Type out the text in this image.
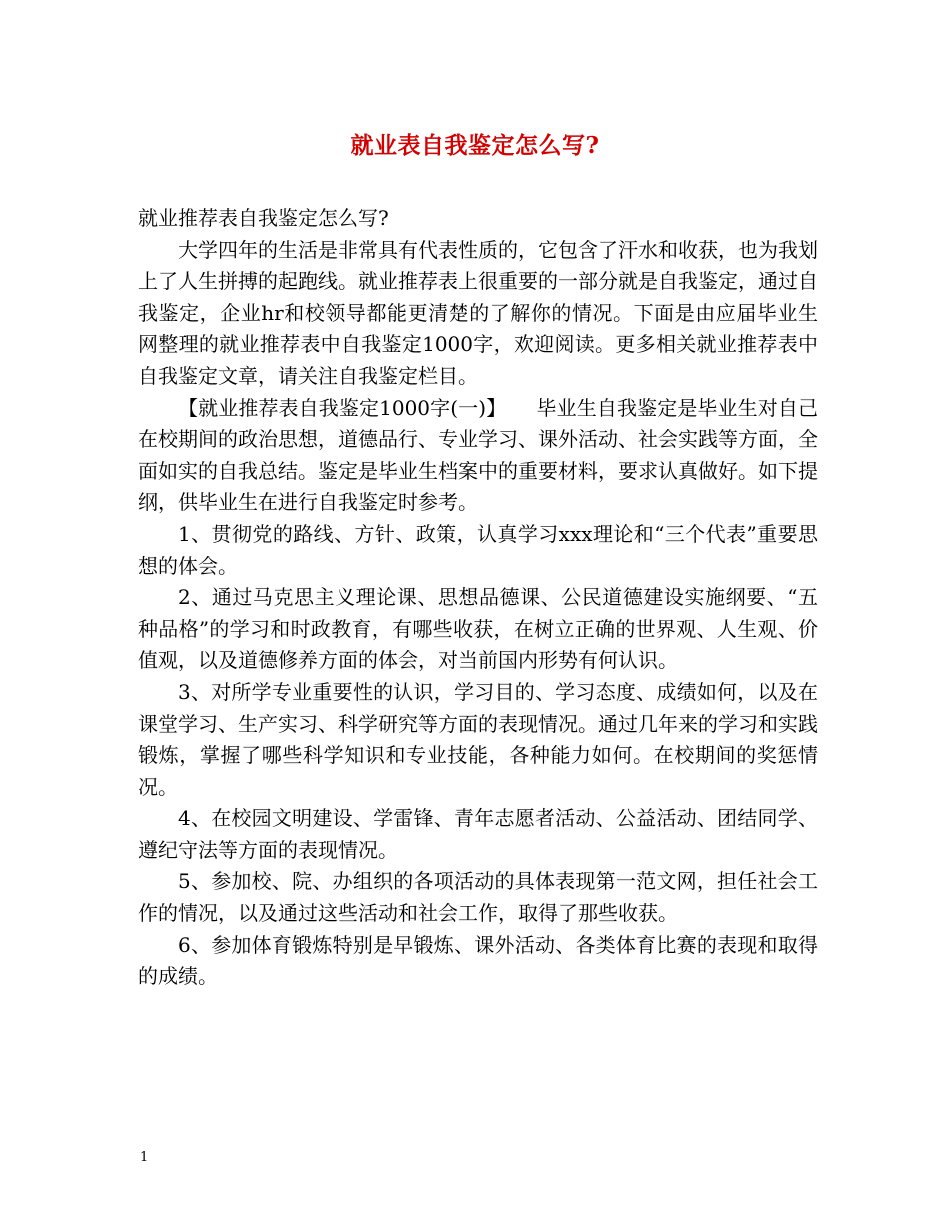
就业表自我鉴定怎么写?

就业推荐表自我鉴定怎么写?

大学四年的生活是非常具有代表性质的，它包含了汗水和收获，也为我划上了人生拼搏的起跑线。就业推荐表上很重要的一部分就是自我鉴定，通过自我鉴定，企业hr和校领导都能更清楚的了解你的情况。下面是由应届毕业生网整理的就业推荐表中自我鉴定1000字，欢迎阅读。更多相关就业推荐表中自我鉴定文章，请关注自我鉴定栏目。

【就业推荐表自我鉴定1000字(一)】　　毕业生自我鉴定是毕业生对自己在校期间的政治思想，道德品行、专业学习、课外活动、社会实践等方面，全面如实的自我总结。鉴定是毕业生档案中的重要材料，要求认真做好。如下提纲，供毕业生在进行自我鉴定时参考。

1、贯彻党的路线、方针、政策，认真学习xxx理论和“三个代表”重要思想的体会。

2、通过马克思主义理论课、思想品德课、公民道德建设实施纲要、“五种品格”的学习和时政教育，有哪些收获，在树立正确的世界观、人生观、价值观，以及道德修养方面的体会，对当前国内形势有何认识。

3、对所学专业重要性的认识，学习目的、学习态度、成绩如何，以及在课堂学习、生产实习、科学研究等方面的表现情况。通过几年来的学习和实践锻炼，掌握了哪些科学知识和专业技能，各种能力如何。在校期间的奖惩情况。

4、在校园文明建设、学雷锋、青年志愿者活动、公益活动、团结同学、遵纪守法等方面的表现情况。

5、参加校、院、办组织的各项活动的具体表现第一范文网，担任社会工作的情况，以及通过这些活动和社会工作，取得了那些收获。

6、参加体育锻炼特别是早锻炼、课外活动、各类体育比赛的表现和取得的成绩。

1
